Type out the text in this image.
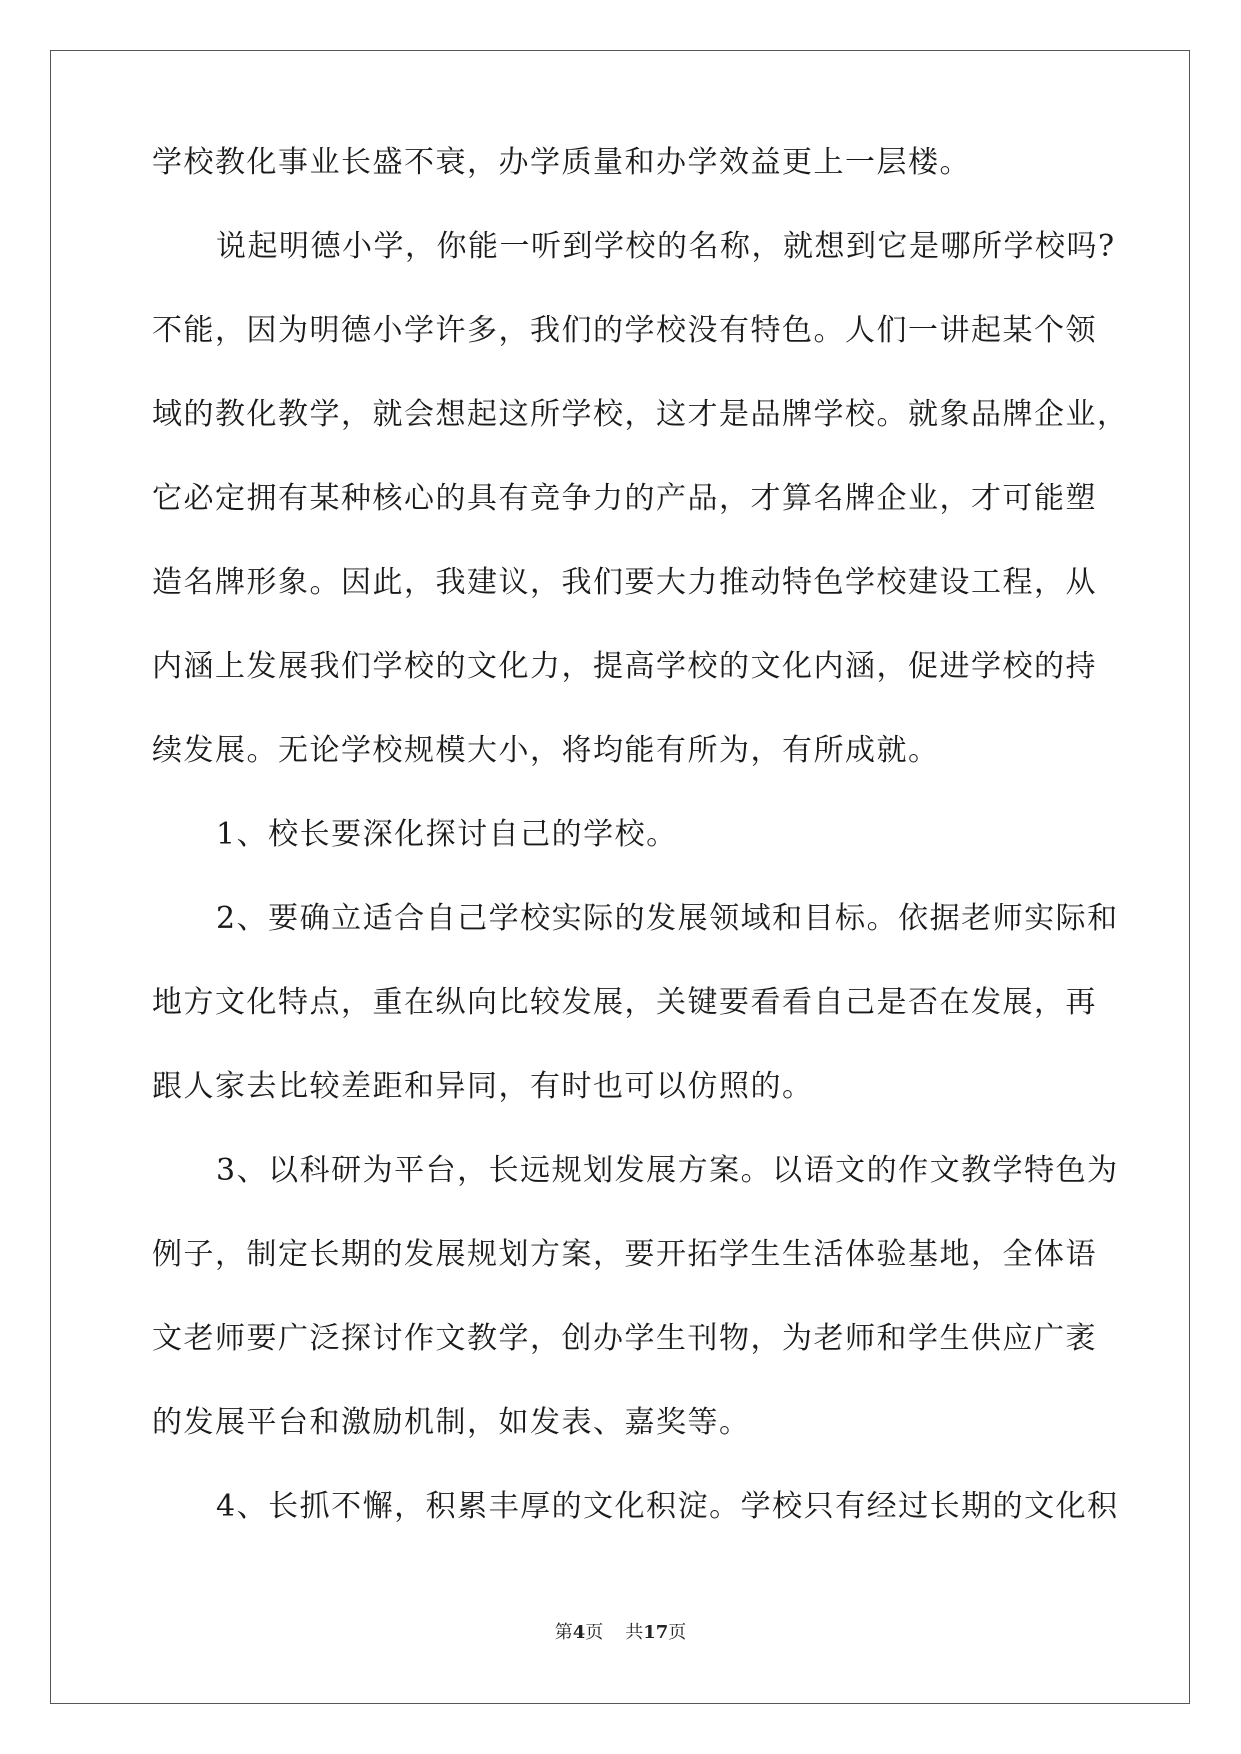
学校教化事业长盛不衰，办学质量和办学效益更上一层楼。
说起明德小学，你能一听到学校的名称，就想到它是哪所学校吗?
不能，因为明德小学许多，我们的学校没有特色。人们一讲起某个领
域的教化教学，就会想起这所学校，这才是品牌学校。就象品牌企业，
它必定拥有某种核心的具有竞争力的产品，才算名牌企业，才可能塑
造名牌形象。因此，我建议，我们要大力推动特色学校建设工程，从
内涵上发展我们学校的文化力，提高学校的文化内涵，促进学校的持
续发展。无论学校规模大小，将均能有所为，有所成就。
1、校长要深化探讨自己的学校。
2、要确立适合自己学校实际的发展领域和目标。依据老师实际和
地方文化特点，重在纵向比较发展，关键要看看自己是否在发展，再
跟人家去比较差距和异同，有时也可以仿照的。
3、以科研为平台，长远规划发展方案。以语文的作文教学特色为
例子，制定长期的发展规划方案，要开拓学生生活体验基地，全体语
文老师要广泛探讨作文教学，创办学生刊物，为老师和学生供应广袤
的发展平台和激励机制，如发表、嘉奖等。
4、长抓不懈，积累丰厚的文化积淀。学校只有经过长期的文化积
第4页 共17页
